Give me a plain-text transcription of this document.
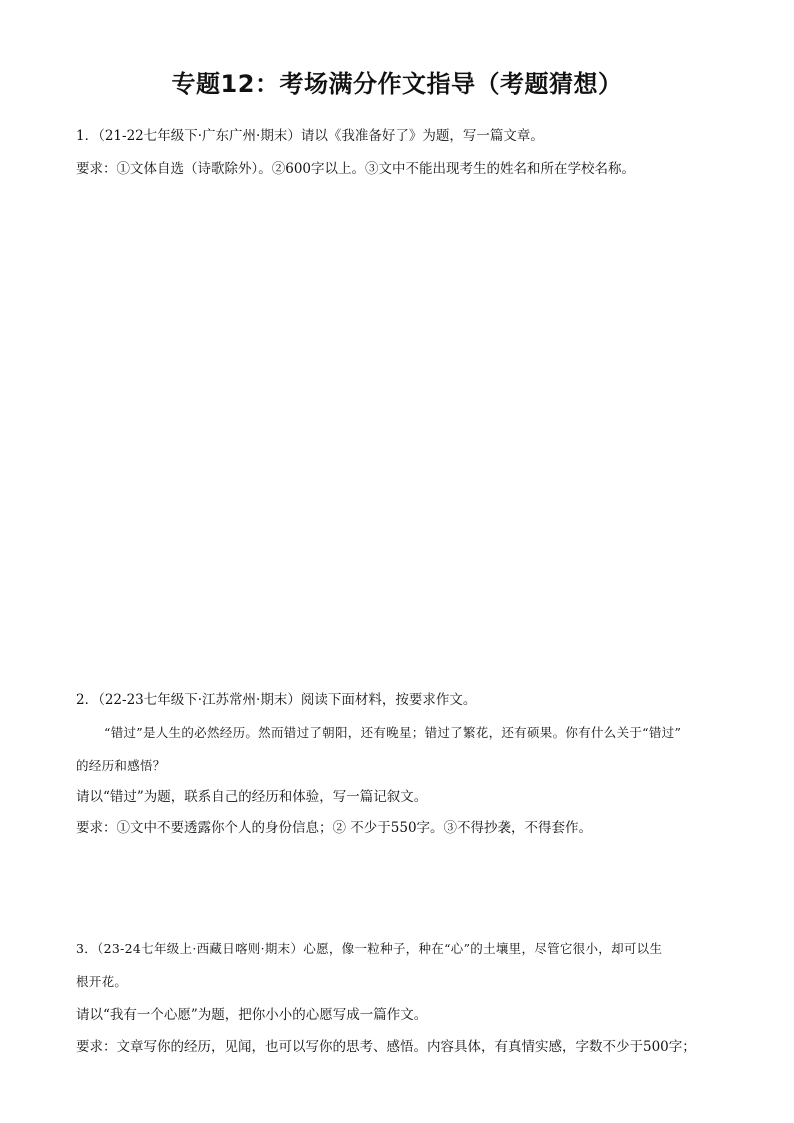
专题12：考场满分作文指导（考题猜想）
1．（21-22七年级下·广东广州·期末）请以《我准备好了》为题，写一篇文章。
要求：①文体自选（诗歌除外）。②600字以上。③文中不能出现考生的姓名和所在学校名称。
2．（22-23七年级下·江苏常州·期末）阅读下面材料，按要求作文。
“错过”是人生的必然经历。然而错过了朝阳，还有晚星；错过了繁花，还有硕果。你有什么关于“错过”
的经历和感悟？
请以“错过”为题，联系自己的经历和体验，写一篇记叙文。
要求：①文中不要透露你个人的身份信息；② 不少于550字。③不得抄袭，不得套作。
3．（23-24七年级上·西藏日喀则·期末）心愿，像一粒种子，种在“心”的土壤里，尽管它很小，却可以生
根开花。
请以“我有一个心愿”为题，把你小小的心愿写成一篇作文。
要求：文章写你的经历，见闻，也可以写你的思考、感悟。内容具体，有真情实感，字数不少于500字；
